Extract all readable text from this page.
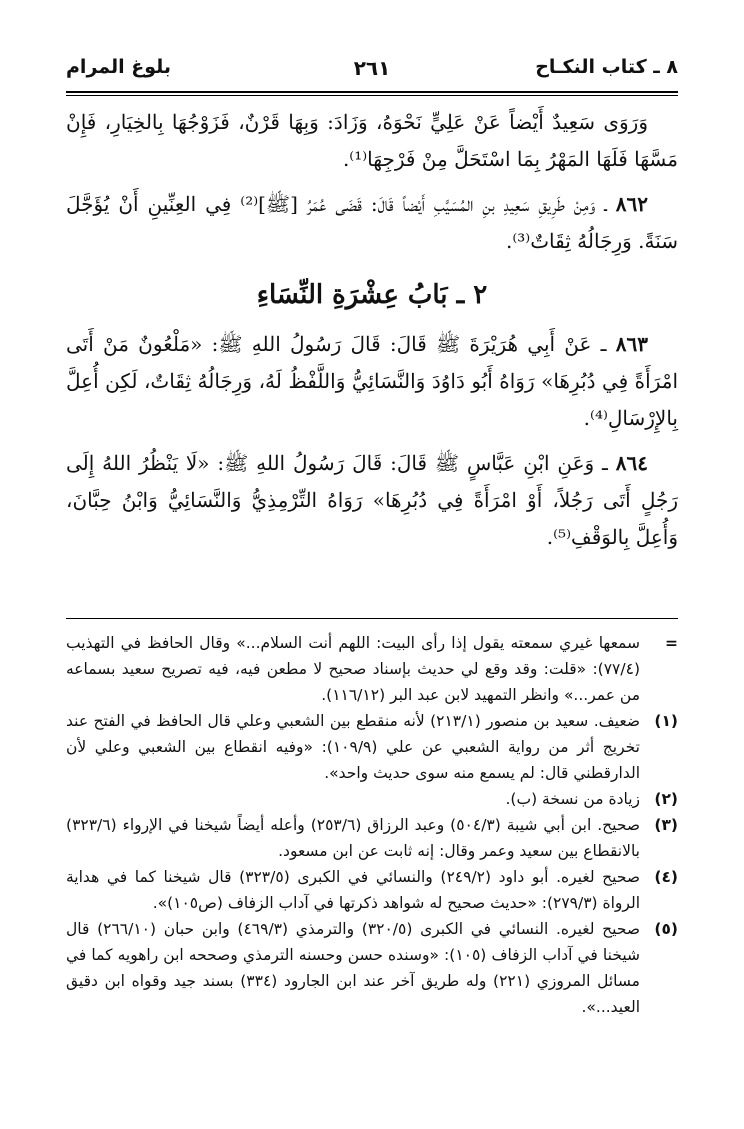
٨ ـ كتاب النكـاح
٢٦١
بلوغ المرام

وَرَوَى سَعِيدٌ أَيْضاً عَنْ عَلِيٍّ نَحْوَهُ، وَزَادَ: وَبِهَا قَرْنٌ، فَزَوْجُهَا بِالخِيَارِ، فَإِنْ مَسَّهَا فَلَهَا المَهْرُ بِمَا اسْتَحَلَّ مِنْ فَرْجِهَا⁽¹⁾.

٨٦٢ ـ وَمِنْ طَرِيقِ سَعِيدِ بنِ المُسَيَّبِ أَيْضاً قَالَ: قَضَى عُمَرُ [ﷺ]⁽²⁾ فِي العِنِّينِ أَنْ يُؤَجَّلَ سَنَةً. وَرِجَالُهُ ثِقَاتٌ⁽³⁾.

٢ ـ بَابُ عِشْرَةِ النِّسَاءِ

٨٦٣ ـ عَنْ أَبِي هُرَيْرَةَ ﷺ قَالَ: قَالَ رَسُولُ اللهِ ﷺ: «مَلْعُونٌ مَنْ أَتَى امْرَأَةً فِي دُبُرِهَا» رَوَاهُ أَبُو دَاوُدَ وَالنَّسَائِيُّ وَاللَّفْظُ لَهُ، وَرِجَالُهُ ثِقَاتٌ، لَكِن أُعِلَّ بِالإِرْسَالِ⁽⁴⁾.

٨٦٤ ـ وَعَنِ ابْنِ عَبَّاسٍ ﷺ قَالَ: قَالَ رَسُولُ اللهِ ﷺ: «لَا يَنْظُرُ اللهُ إِلَى رَجُلٍ أَتَى رَجُلاً، أَوْ امْرَأَةً فِي دُبُرِهَا» رَوَاهُ التِّرْمِذِيُّ وَالنَّسَائِيُّ وَابْنُ حِبَّانَ، وَأُعِلَّ بِالوَقْفِ⁽⁵⁾.

=
سمعها غيري سمعته يقول إذا رأى البيت: اللهم أنت السلام...» وقال الحافظ في التهذيب (٧٧/٤): «قلت: وقد وقع لي حديث بإسناد صحيح لا مطعن فيه، فيه تصريح سعيد بسماعه من عمر...» وانظر التمهيد لابن عبد البر (١١٦/١٢).
(١)
ضعيف. سعيد بن منصور (٢١٣/١) لأنه منقطع بين الشعبي وعلي قال الحافظ في الفتح عند تخريج أثر من رواية الشعبي عن علي (١٠٩/٩): «وفيه انقطاع بين الشعبي وعلي لأن الدارقطني قال: لم يسمع منه سوى حديث واحد».
(٢)
زيادة من نسخة (ب).
(٣)
صحيح. ابن أبي شيبة (٥٠٤/٣) وعبد الرزاق (٢٥٣/٦) وأعله أيضاً شيخنا في الإرواء (٣٢٣/٦) بالانقطاع بين سعيد وعمر وقال: إنه ثابت عن ابن مسعود.
(٤)
صحيح لغيره. أبو داود (٢٤٩/٢) والنسائي في الكبرى (٣٢٣/٥) قال شيخنا كما في هداية الرواة (٢٧٩/٣): «حديث صحيح له شواهد ذكرتها في آداب الزفاف (ص١٠٥)».
(٥)
صحيح لغيره. النسائي في الكبرى (٣٢٠/٥) والترمذي (٤٦٩/٣) وابن حبان (٢٦٦/١٠) قال شيخنا في آداب الزفاف (١٠٥): «وسنده حسن وحسنه الترمذي وصححه ابن راهويه كما في مسائل المروزي (٢٢١) وله طريق آخر عند ابن الجارود (٣٣٤) بسند جيد وقواه ابن دقيق العيد...».
